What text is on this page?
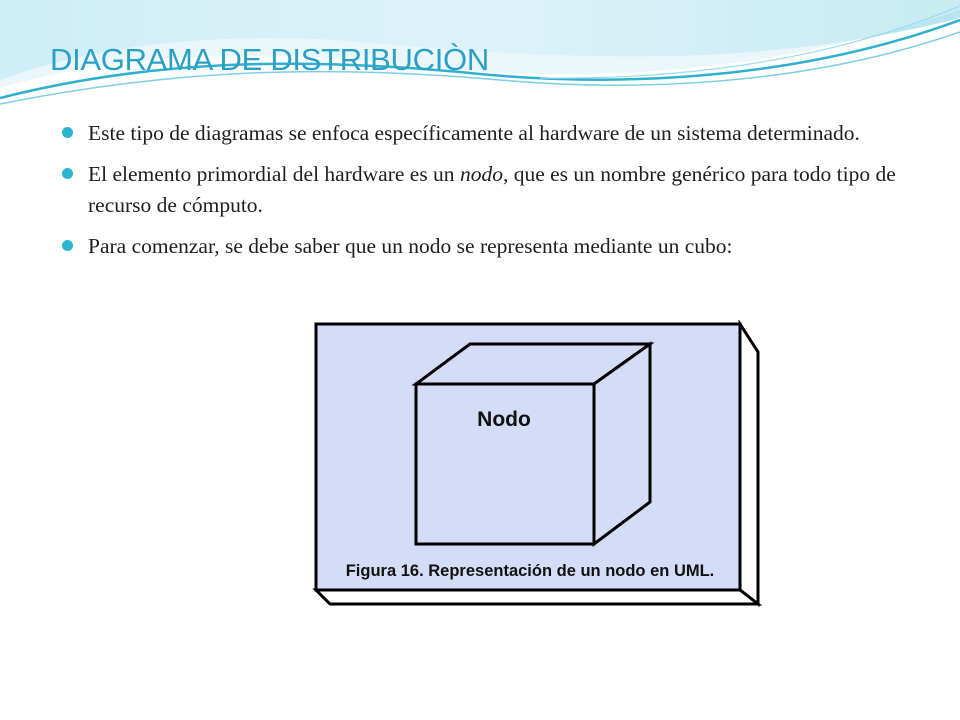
DIAGRAMA DE DISTRIBUCIÒN
Este tipo de diagramas se enfoca específicamente al hardware de un sistema determinado.
El elemento primordial del hardware es un nodo, que es un nombre genérico para todo tipo de recurso de cómputo.
Para comenzar, se debe saber que un nodo se representa mediante un cubo:
Nodo
Figura 16. Representación de un nodo en UML.
